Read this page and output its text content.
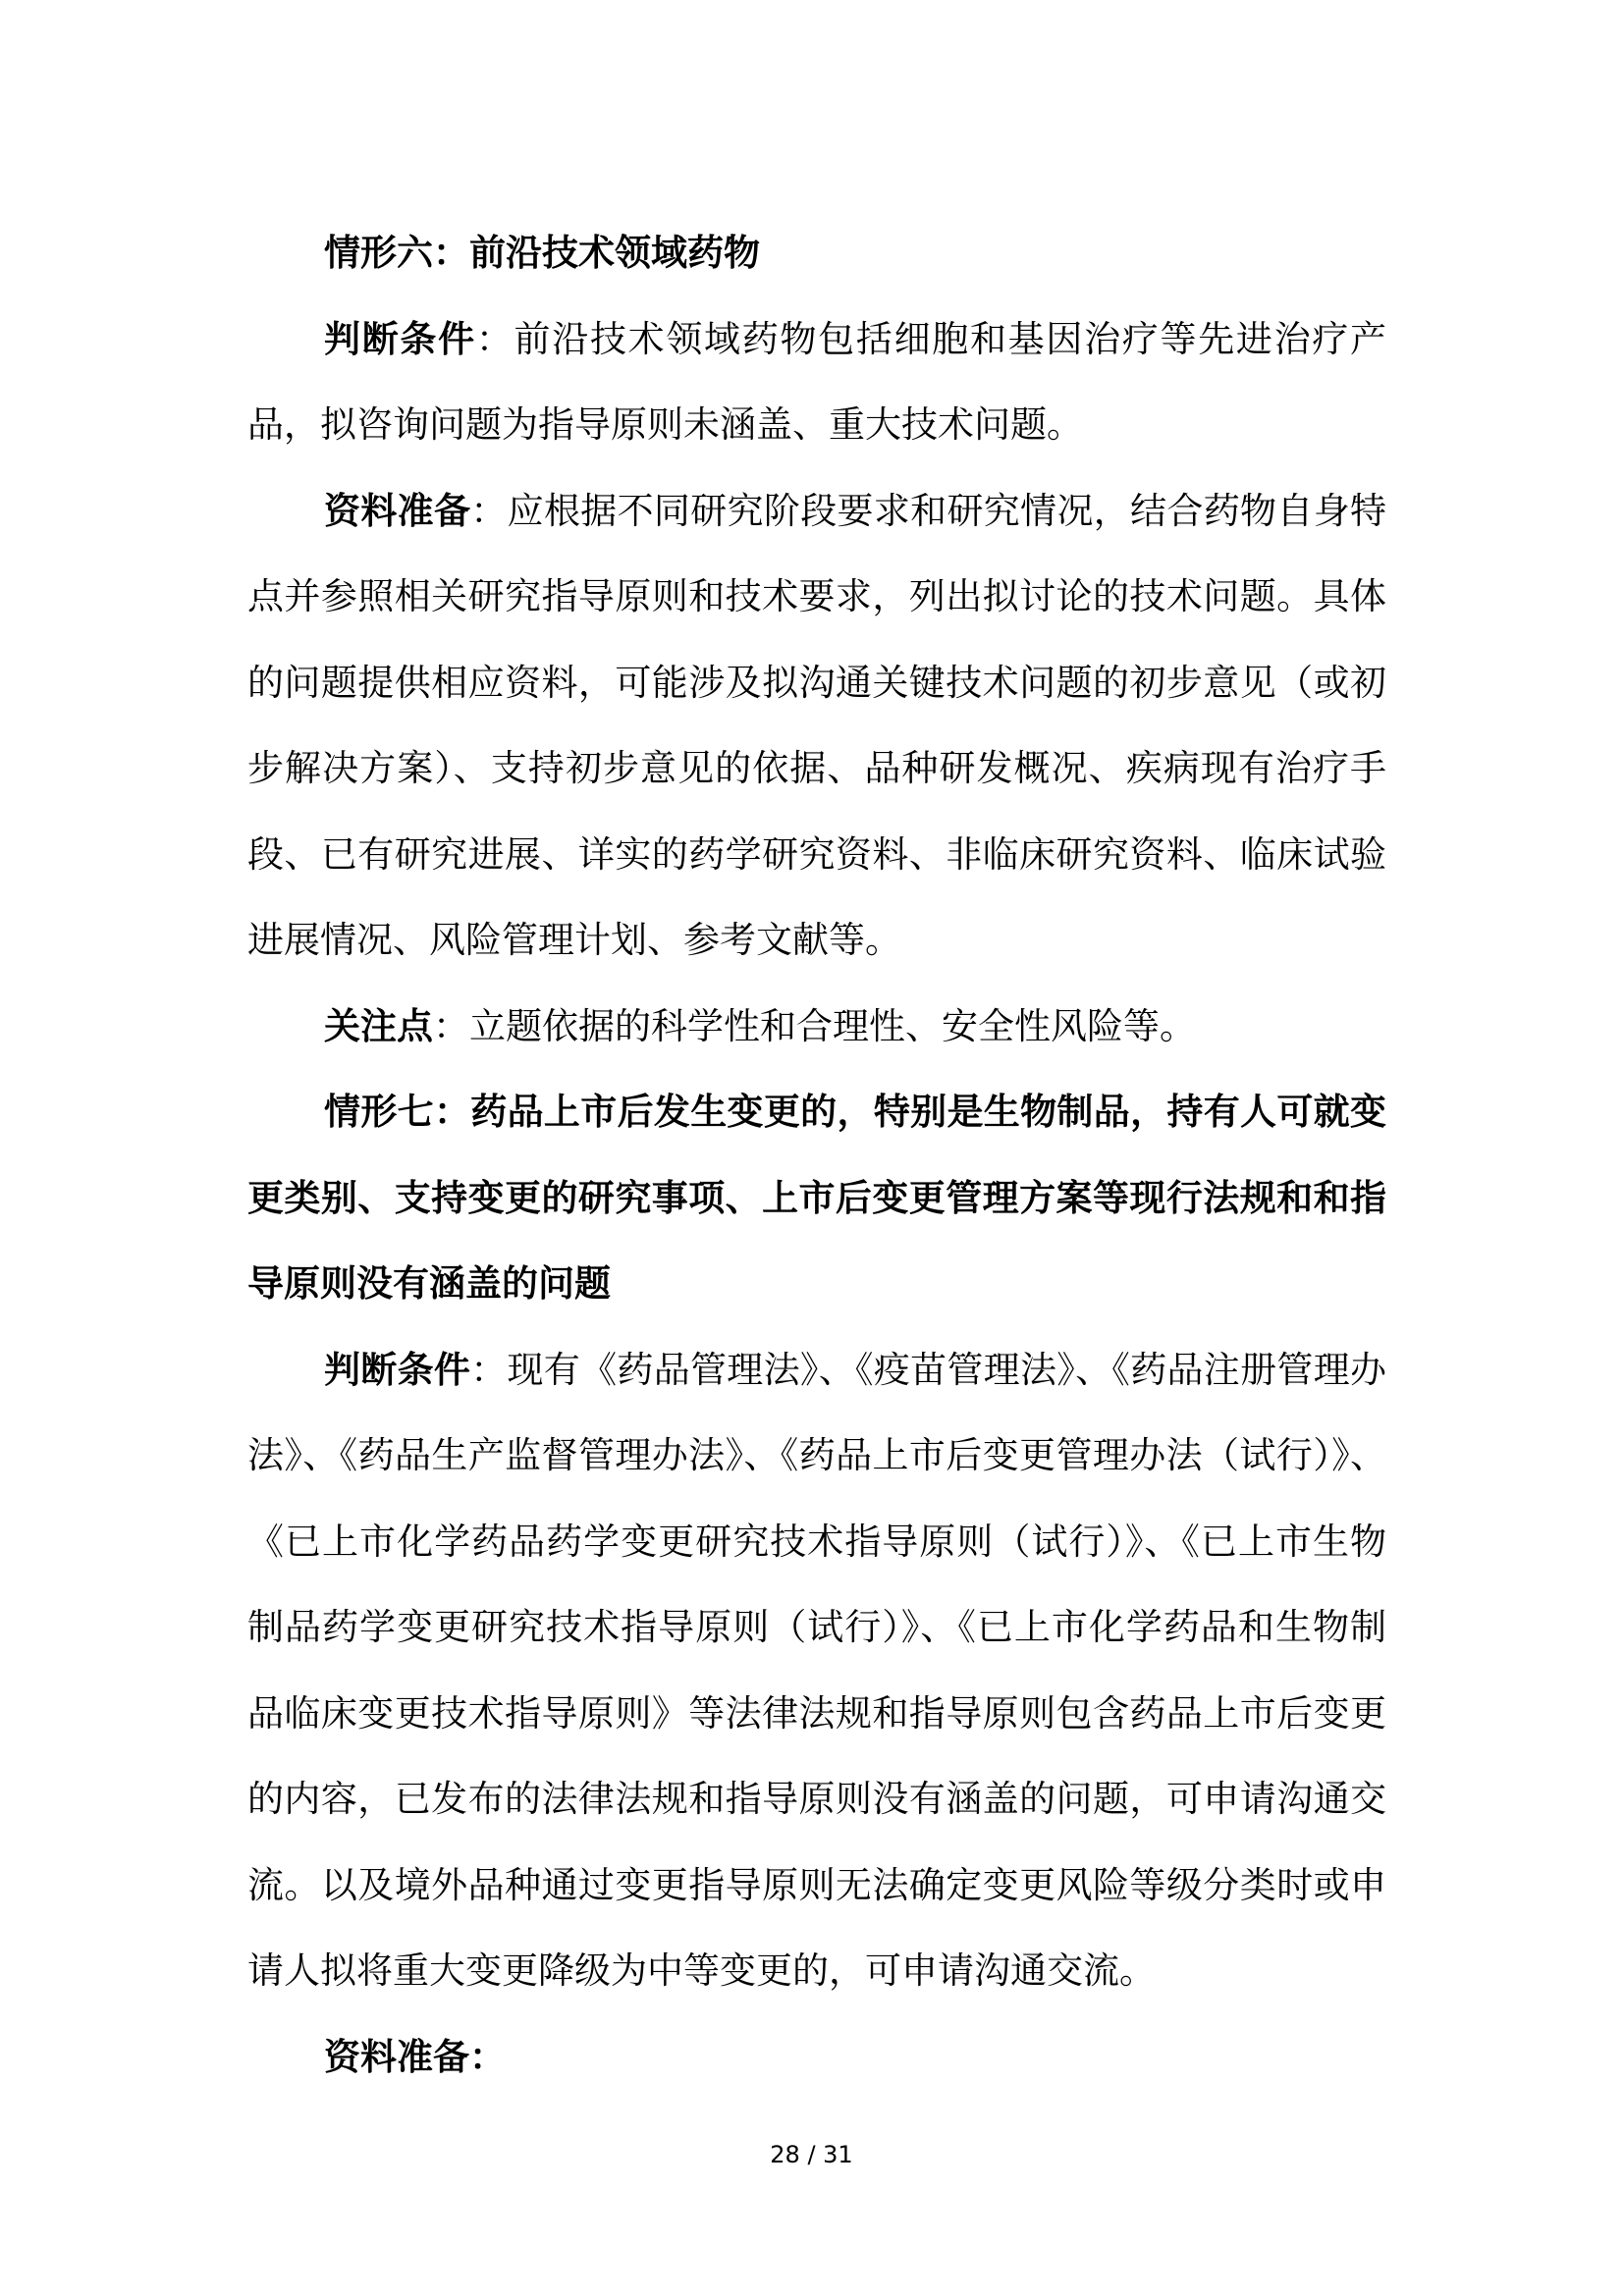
情形六：前沿技术领域药物

判断条件：前沿技术领域药物包括细胞和基因治疗等先进治疗产品，拟咨询问题为指导原则未涵盖、重大技术问题。

资料准备：应根据不同研究阶段要求和研究情况，结合药物自身特点并参照相关研究指导原则和技术要求，列出拟讨论的技术问题。具体的问题提供相应资料，可能涉及拟沟通关键技术问题的初步意见（或初步解决方案）、支持初步意见的依据、品种研发概况、疾病现有治疗手段、已有研究进展、详实的药学研究资料、非临床研究资料、临床试验进展情况、风险管理计划、参考文献等。

关注点：立题依据的科学性和合理性、安全性风险等。

情形七：药品上市后发生变更的，特别是生物制品，持有人可就变更类别、支持变更的研究事项、上市后变更管理方案等现行法规和和指导原则没有涵盖的问题

判断条件：现有《药品管理法》、《疫苗管理法》、《药品注册管理办法》、《药品生产监督管理办法》、《药品上市后变更管理办法（试行）》、《已上市化学药品药学变更研究技术指导原则（试行）》、《已上市生物制品药学变更研究技术指导原则（试行）》、《已上市化学药品和生物制品临床变更技术指导原则》等法律法规和指导原则包含药品上市后变更的内容，已发布的法律法规和指导原则没有涵盖的问题，可申请沟通交流。以及境外品种通过变更指导原则无法确定变更风险等级分类时或申请人拟将重大变更降级为中等变更的，可申请沟通交流。

资料准备：

28 / 31
